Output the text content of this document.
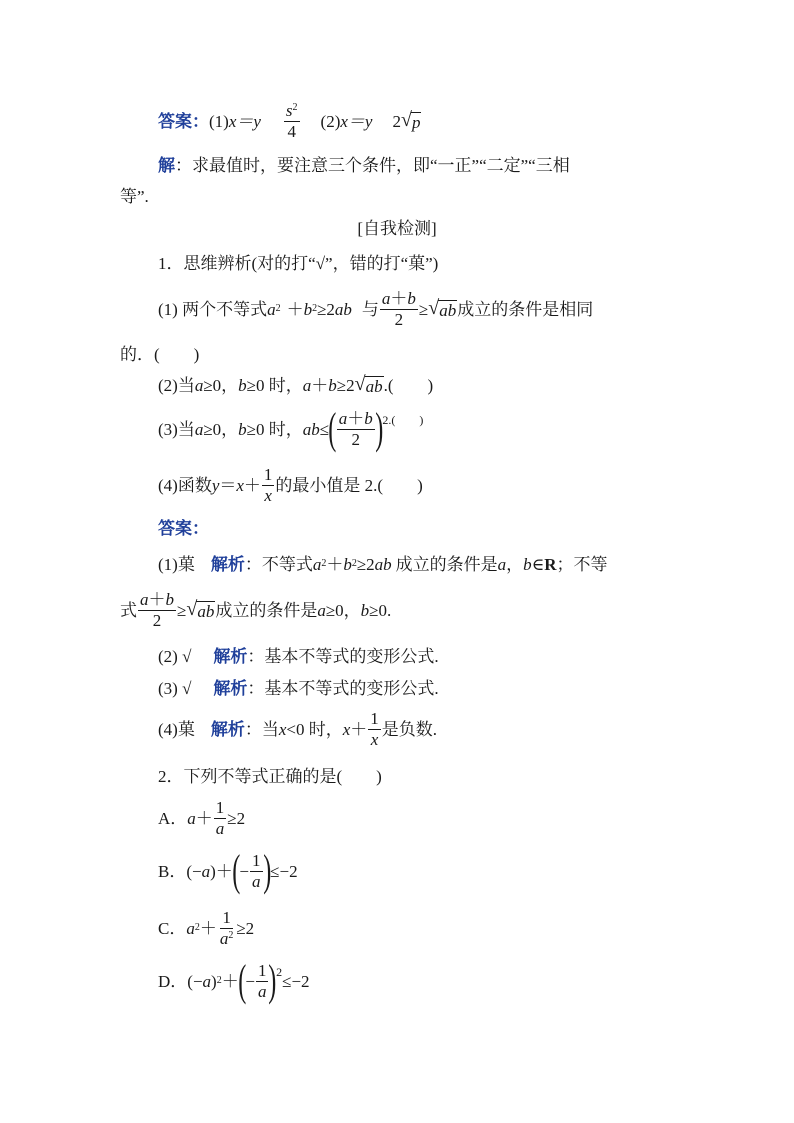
答案： (1) $x=y \frac{s^2}{4} (2)$ x＝y 2 √ p
解 ：求最值时，要注意三个条件，即“一正”“二定”“三相
等”.
[自我检测]
1．思维辨析(对的打“√”，错的打“菓”)
(1) 两个不等式 a 2 ＋ b 2 ≥2 ab 与 $\frac{a+b}{2}$ ≥ √ ab 成立的条件是相同
的．(　　)
(2)当 a ≥0， b ≥0 时， a ＋ b ≥2 √ ab .(　　)
(3)当 a ≥0， b ≥0 时， ab ≤ ( $\frac{a+b}{2}$ ) 2.(　　)
(4)函数 $y = x + \frac{1}{x}$ 的最小值是 2.(　　)
答案：
(1)菓 解析 ：不等式 a 2 ＋ b 2 ≥2 ab 成立的条件是 a ， b ∈ R ；不等
式 $\frac{a+b}{2}$ ≥ √ ab 成立的条件是 a ≥0， b ≥0.
(2) √ 解析 ：基本不等式的变形公式.
(3) √ 解析 ：基本不等式的变形公式.
(4)菓 解析 ：当 x <0 时， $x + \frac{1}{x}$ 是负数.
2．下列不等式正确的是(　　)
A． $a + \frac{1}{a} \ge 2$
B． (− a )＋ ( − $\frac{1}{a}$ ) ≤−2
C． a $2 + \frac{1}{a^2} \ge 2$
D． (− a ) 2 ＋ ( − $\frac{1}{a}$ ) 2 ≤−2
